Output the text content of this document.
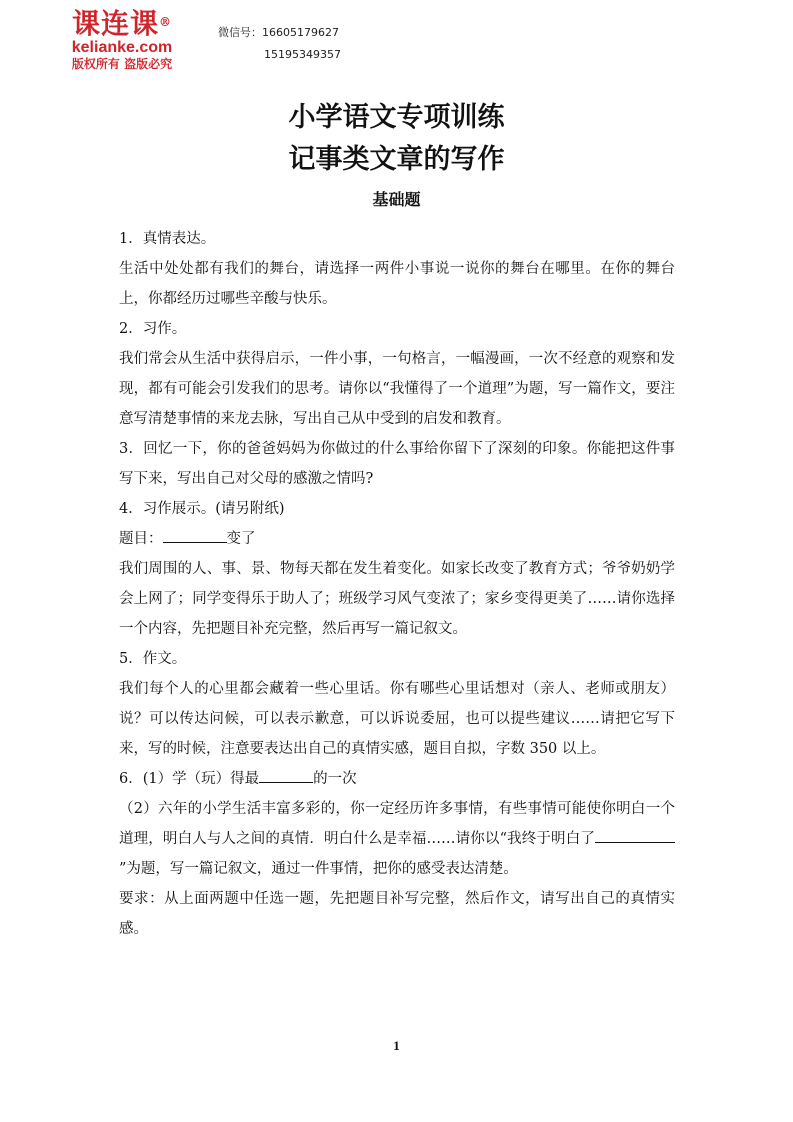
课连课®
kelianke.com
版权所有 盗版必究
微信号：16605179627
15195349357
小学语文专项训练
记事类文章的写作
基础题

1．真情表达。

生活中处处都有我们的舞台，请选择一两件小事说一说你的舞台在哪里。在你的舞台上，你都经历过哪些辛酸与快乐。

2．习作。

我们常会从生活中获得启示，一件小事，一句格言，一幅漫画，一次不经意的观察和发现，都有可能会引发我们的思考。请你以“我懂得了一个道理”为题，写一篇作文，要注意写清楚事情的来龙去脉，写出自己从中受到的启发和教育。

3．回忆一下，你的爸爸妈妈为你做过的什么事给你留下了深刻的印象。你能把这件事写下来，写出自己对父母的感激之情吗?

4．习作展示。(请另附纸)

题目：	变了

我们周围的人、事、景、物每天都在发生着变化。如家长改变了教育方式；爷爷奶奶学会上网了；同学变得乐于助人了；班级学习风气变浓了；家乡变得更美了……请你选择一个内容，先把题目补充完整，然后再写一篇记叙文。

5．作文。

我们每个人的心里都会藏着一些心里话。你有哪些心里话想对（亲人、老师或朋友）说？可以传达问候，可以表示歉意，可以诉说委屈，也可以提些建议……请把它写下来，写的时候，注意要表达出自己的真情实感，题目自拟，字数 350 以上。

6．(1）学（玩）得最	的一次

（2）六年的小学生活丰富多彩的，你一定经历许多事情，有些事情可能使你明白一个道理，明白人与人之间的真情．明白什么是幸福……请你以“我终于明白了”为题，写一篇记叙文，通过一件事情，把你的感受表达清楚。

要求：从上面两题中任选一题，先把题目补写完整，然后作文，请写出自己的真情实感。

1
